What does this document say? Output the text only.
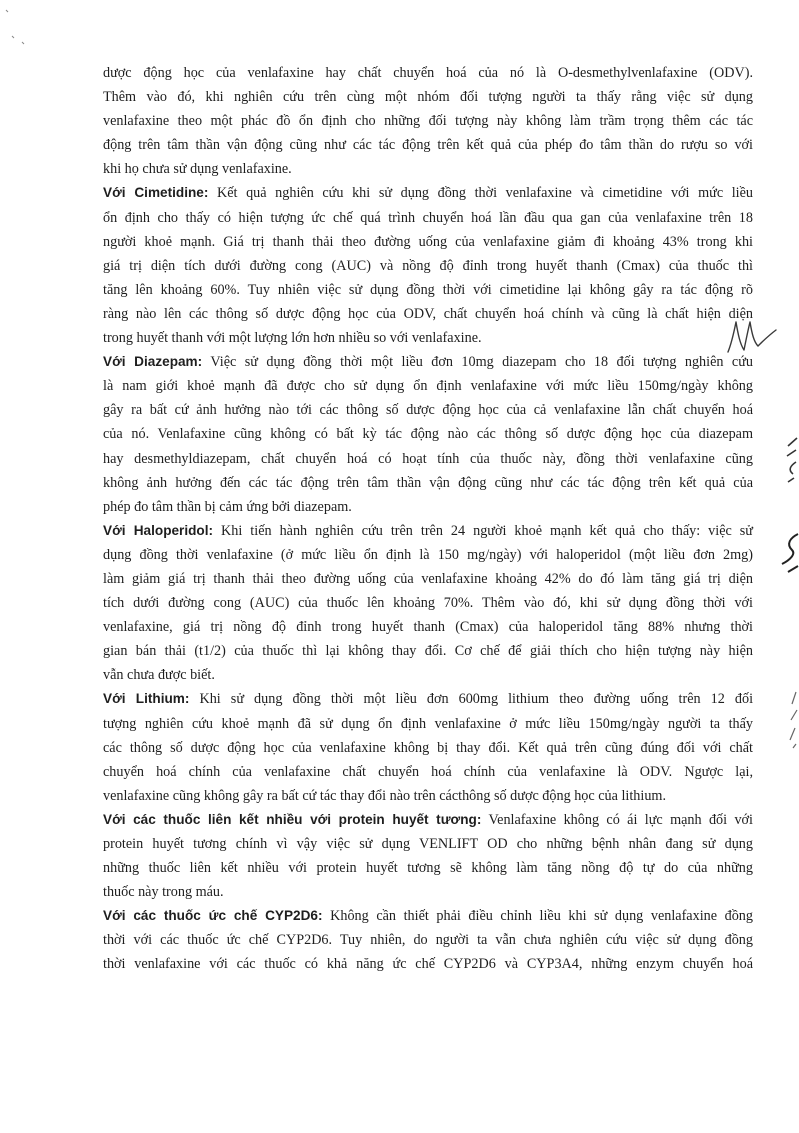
dược động học của venlafaxine hay chất chuyển hoá của nó là O-desmethylvenlafaxine (ODV).
Thêm vào đó, khi nghiên cứu trên cùng một nhóm đối tượng người ta thấy rằng việc sử dụng
venlafaxine theo một phác đồ ổn định cho những đối tượng này không làm trầm trọng thêm các tác
động trên tâm thần vận động cũng như các tác động trên kết quả của phép đo tâm thần do rượu so với
khi họ chưa sử dụng venlafaxine.
Với Cimetidine: Kết quả nghiên cứu khi sử dụng đồng thời venlafaxine và cimetidine với mức liều
ổn định cho thấy có hiện tượng ức chế quá trình chuyển hoá lần đầu qua gan của venlafaxine trên 18
người khoẻ mạnh. Giá trị thanh thải theo đường uống của venlafaxine giảm đi khoảng 43% trong khi
giá trị diện tích dưới đường cong (AUC) và nồng độ đỉnh trong huyết thanh (Cmax) của thuốc thì
tăng lên khoảng 60%. Tuy nhiên việc sử dụng đồng thời với cimetidine lại không gây ra tác động rõ
ràng nào lên các thông số dược động học của ODV, chất chuyển hoá chính và cũng là chất hiện diện
trong huyết thanh với một lượng lớn hơn nhiều so với venlafaxine.
Với Diazepam: Việc sử dụng đồng thời một liều đơn 10mg diazepam cho 18 đối tượng nghiên cứu
là nam giới khoẻ mạnh đã được cho sử dụng ổn định venlafaxine với mức liều 150mg/ngày không
gây ra bất cứ ảnh hưởng nào tới các thông số dược động học của cả venlafaxine lẫn chất chuyển hoá
của nó. Venlafaxine cũng không có bất kỳ tác động nào các thông số dược động học của diazepam
hay desmethyldiazepam, chất chuyển hoá có hoạt tính của thuốc này, đồng thời venlafaxine cũng
không ảnh hưởng đến các tác động trên tâm thần vận động cũng như các tác động trên kết quả của
phép đo tâm thần bị cảm ứng bởi diazepam.
Với Haloperidol: Khi tiến hành nghiên cứu trên trên 24 người khoẻ mạnh kết quả cho thấy: việc sử
dụng đồng thời venlafaxine (ở mức liều ổn định là 150 mg/ngày) với haloperidol (một liều đơn 2mg)
làm giảm giá trị thanh thải theo đường uống của venlafaxine khoảng 42% do đó làm tăng giá trị diện
tích dưới đường cong (AUC) của thuốc lên khoảng 70%. Thêm vào đó, khi sử dụng đồng thời với
venlafaxine, giá trị nồng độ đỉnh trong huyết thanh (Cmax) của haloperidol tăng 88% nhưng thời
gian bán thải (t1/2) của thuốc thì lại không thay đổi. Cơ chế để giải thích cho hiện tượng này hiện
vẫn chưa được biết.
Với Lithium: Khi sử dụng đồng thời một liều đơn 600mg lithium theo đường uống trên 12 đối
tượng nghiên cứu khoẻ mạnh đã sử dụng ổn định venlafaxine ở mức liều 150mg/ngày người ta thấy
các thông số dược động học của venlafaxine không bị thay đổi. Kết quả trên cũng đúng đối với chất
chuyển hoá chính của venlafaxine chất chuyển hoá chính của venlafaxine là ODV. Ngược lại,
venlafaxine cũng không gây ra bất cứ tác thay đổi nào trên cácthông số dược động học của lithium.
Với các thuốc liên kết nhiều với protein huyết tương: Venlafaxine không có ái lực mạnh đối với
protein huyết tương chính vì vậy việc sử dụng VENLIFT OD cho những bệnh nhân đang sử dụng
những thuốc liên kết nhiều với protein huyết tương sẽ không làm tăng nồng độ tự do của những
thuốc này trong máu.
Với các thuốc ức chế CYP2D6: Không cần thiết phải điều chỉnh liều khi sử dụng venlafaxine đồng
thời với các thuốc ức chế CYP2D6. Tuy nhiên, do người ta vẫn chưa nghiên cứu việc sử dụng đồng
thời venlafaxine với các thuốc có khả năng ức chế CYP2D6 và CYP3A4, những enzym chuyển hoá
